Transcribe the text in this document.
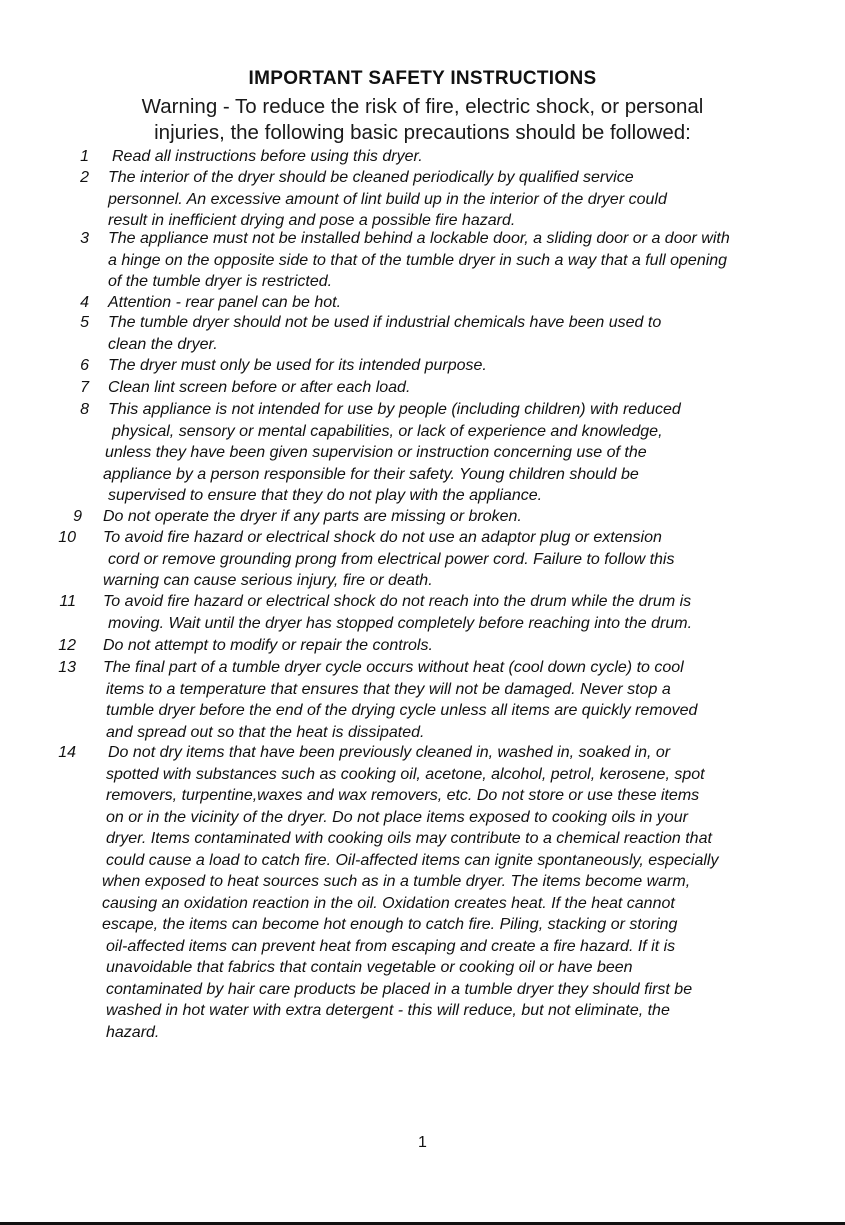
IMPORTANT SAFETY INSTRUCTIONS
Warning - To reduce the risk of fire, electric shock, or personal
injuries, the following basic precautions should be followed:
1 Read all instructions before using this dryer.
2 The interior of the dryer should be cleaned periodically by qualified service
personnel. An excessive amount of lint build up in the interior of the dryer could
result in inefficient drying and pose a possible fire hazard.
3 The appliance must not be installed behind a lockable door, a sliding door or a door with
a hinge on the opposite side to that of the tumble dryer in such a way that a full opening
of the tumble dryer is restricted.
4 Attention - rear panel can be hot.
5 The tumble dryer should not be used if industrial chemicals have been used to
clean the dryer.
6 The dryer must only be used for its intended purpose.
7 Clean lint screen before or after each load.
8 This appliance is not intended for use by people (including children) with reduced
physical, sensory or mental capabilities, or lack of experience and knowledge,
unless they have been given supervision or instruction concerning use of the
appliance by a person responsible for their safety. Young children should be
supervised to ensure that they do not play with the appliance.
9 Do not operate the dryer if any parts are missing or broken.
10 To avoid fire hazard or electrical shock do not use an adaptor plug or extension
cord or remove grounding prong from electrical power cord. Failure to follow this
warning can cause serious injury, fire or death.
11 To avoid fire hazard or electrical shock do not reach into the drum while the drum is
moving. Wait until the dryer has stopped completely before reaching into the drum.
12 Do not attempt to modify or repair the controls.
13 The final part of a tumble dryer cycle occurs without heat (cool down cycle) to cool
items to a temperature that ensures that they will not be damaged. Never stop a
tumble dryer before the end of the drying cycle unless all items are quickly removed
and spread out so that the heat is dissipated.
14 Do not dry items that have been previously cleaned in, washed in, soaked in, or
spotted with substances such as cooking oil, acetone, alcohol, petrol, kerosene, spot
removers, turpentine,waxes and wax removers, etc. Do not store or use these items
on or in the vicinity of the dryer. Do not place items exposed to cooking oils in your
dryer. Items contaminated with cooking oils may contribute to a chemical reaction that
could cause a load to catch fire. Oil-affected items can ignite spontaneously, especially
when exposed to heat sources such as in a tumble dryer. The items become warm,
causing an oxidation reaction in the oil. Oxidation creates heat. If the heat cannot
escape, the items can become hot enough to catch fire. Piling, stacking or storing
oil-affected items can prevent heat from escaping and create a fire hazard. If it is
unavoidable that fabrics that contain vegetable or cooking oil or have been
contaminated by hair care products be placed in a tumble dryer they should first be
washed in hot water with extra detergent - this will reduce, but not eliminate, the
hazard.
1
